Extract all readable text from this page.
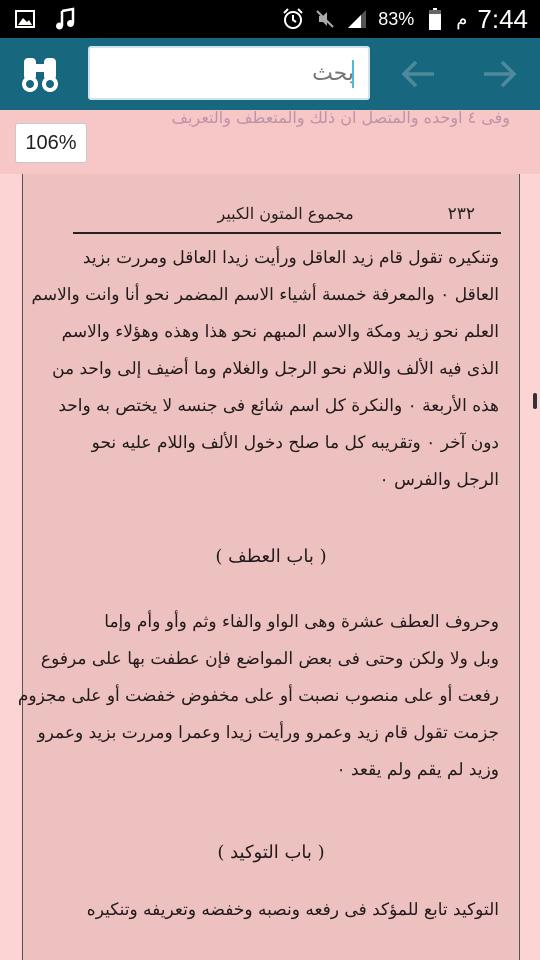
83% م 7:44
بحث
وفى ٤ اوحده والمتصل ان ذلك والمتعطف والتعريف
106%
٢٣٢
مجموع المتون الكبير
وتنكيره تقول قام زيد العاقل ورأيت زيدا العاقل ومررت بزيد
العاقل ٠ والمعرفة خمسة أشياء الاسم المضمر نحو أنا وانت والاسم
العلم نحو زيد ومكة والاسم المبهم نحو هذا وهذه وهؤلاء والاسم
الذى فيه الألف واللام نحو الرجل والغلام وما أضيف إلى واحد من
هذه الأربعة ٠ والنكرة كل اسم شائع فى جنسه لا يختص به واحد
دون آخر ٠ وتقريبه كل ما صلح دخول الألف واللام عليه نحو
الرجل والفرس ٠
( باب العطف )
وحروف العطف عشرة وهى الواو والفاء وثم وأو وأم وإما
وبل ولا ولكن وحتى فى بعض المواضع فإن عطفت بها على مرفوع
رفعت أو على منصوب نصبت أو على مخفوض خفضت أو على مجزوم
جزمت تقول قام زيد وعمرو ورأيت زيدا وعمرا ومررت بزيد وعمرو
وزيد لم يقم ولم يقعد ٠
( باب التوكيد )
التوكيد تابع للمؤكد فى رفعه ونصبه وخفضه وتعريفه وتنكيره
